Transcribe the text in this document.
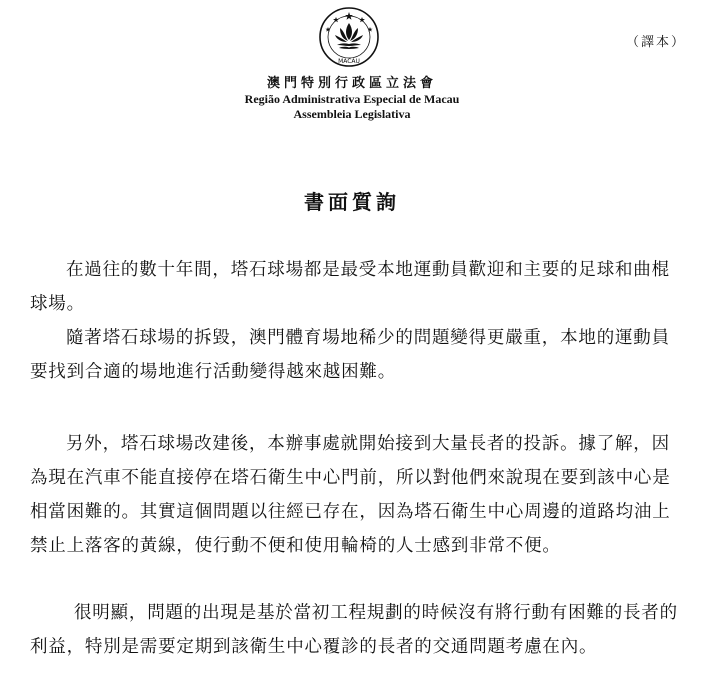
（譯本）
MACAU
澳門特別行政區立法會
Região Administrativa Especial de Macau
Assembleia Legislativa
書面質詢

在過往的數十年間，塔石球場都是最受本地運動員歡迎和主要的足球和曲棍球場。

隨著塔石球場的拆毀，澳門體育場地稀少的問題變得更嚴重，本地的運動員要找到合適的場地進行活動變得越來越困難。

另外，塔石球場改建後，本辦事處就開始接到大量長者的投訴。據了解，因為現在汽車不能直接停在塔石衛生中心門前，所以對他們來說現在要到該中心是相當困難的。其實這個問題以往經已存在，因為塔石衛生中心周邊的道路均油上禁止上落客的黃線，使行動不便和使用輪椅的人士感到非常不便。

很明顯，問題的出現是基於當初工程規劃的時候沒有將行動有困難的長者的利益，特別是需要定期到該衛生中心覆診的長者的交通問題考慮在內。
